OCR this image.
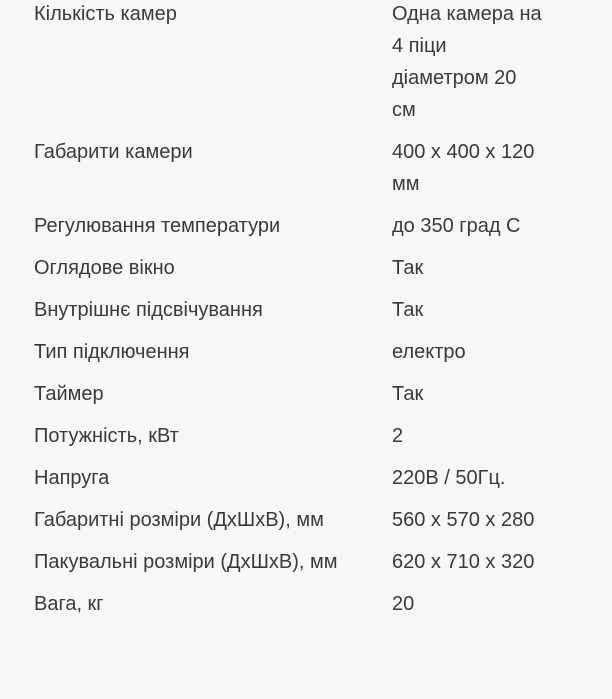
Кількість камер	Одна камера на 4 піци діаметром 20 см
Габарити камери	400 х 400 х 120 мм
Регулювання температури	до 350 град С
Оглядове вікно	Так
Внутрішнє підсвічування	Так
Тип підключення	електро
Таймер	Так
Потужність, кВт	2
Напруга	220В / 50Гц.
Габаритні розміри (ДхШхВ), мм	560 х 570 х 280
Пакувальні розміри (ДхШхВ), мм	620 х 710 х 320
Вага, кг	20
